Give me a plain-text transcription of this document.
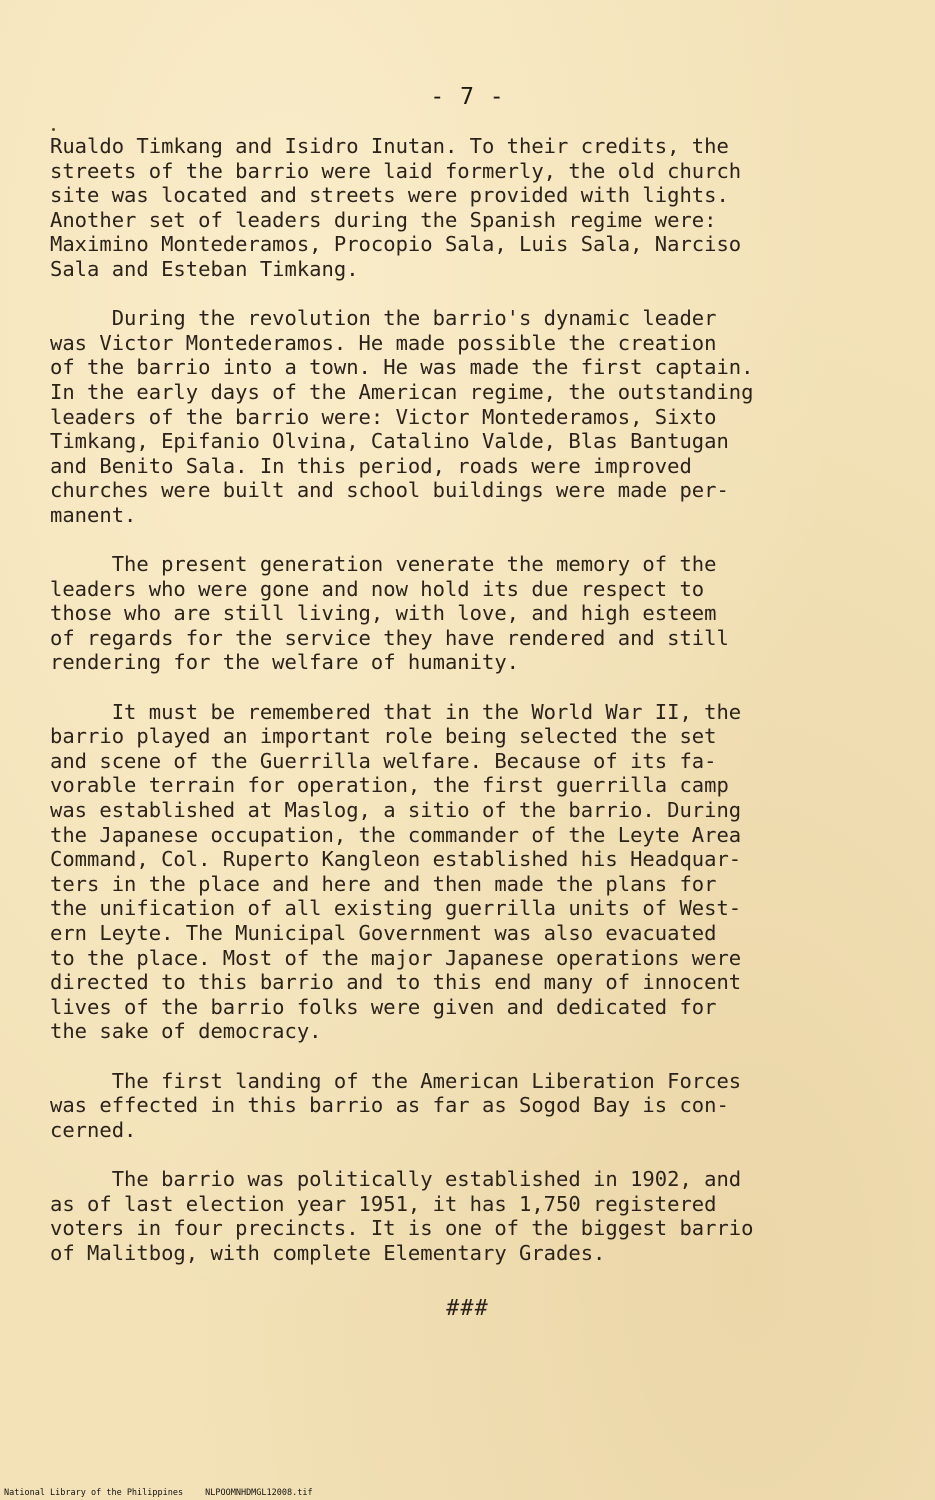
- 7 -
Rualdo Timkang and Isidro Inutan. To their credits, the
streets of the barrio were laid formerly, the old church
site was located and streets were provided with lights.
Another set of leaders during the Spanish regime were:
Maximino Montederamos, Procopio Sala, Luis Sala, Narciso
Sala and Esteban Timkang.
During the revolution the barrio's dynamic leader
was Victor Montederamos. He made possible the creation
of the barrio into a town. He was made the first captain.
In the early days of the American regime, the outstanding
leaders of the barrio were: Victor Montederamos, Sixto
Timkang, Epifanio Olvina, Catalino Valde, Blas Bantugan
and Benito Sala. In this period, roads were improved
churches were built and school buildings were made per-
manent.
The present generation venerate the memory of the
leaders who were gone and now hold its due respect to
those who are still living, with love, and high esteem
of regards for the service they have rendered and still
rendering for the welfare of humanity.
It must be remembered that in the World War II, the
barrio played an important role being selected the set
and scene of the Guerrilla welfare. Because of its fa-
vorable terrain for operation, the first guerrilla camp
was established at Maslog, a sitio of the barrio. During
the Japanese occupation, the commander of the Leyte Area
Command, Col. Ruperto Kangleon established his Headquar-
ters in the place and here and then made the plans for
the unification of all existing guerrilla units of West-
ern Leyte. The Municipal Government was also evacuated
to the place. Most of the major Japanese operations were
directed to this barrio and to this end many of innocent
lives of the barrio folks were given and dedicated for
the sake of democracy.
The first landing of the American Liberation Forces
was effected in this barrio as far as Sogod Bay is con-
cerned.
The barrio was politically established in 1902, and
as of last election year 1951, it has 1,750 registered
voters in four precincts. It is one of the biggest barrio
of Malitbog, with complete Elementary Grades.
###
National Library of the Philippines	NLPOOMNHDMGL12008.tif
